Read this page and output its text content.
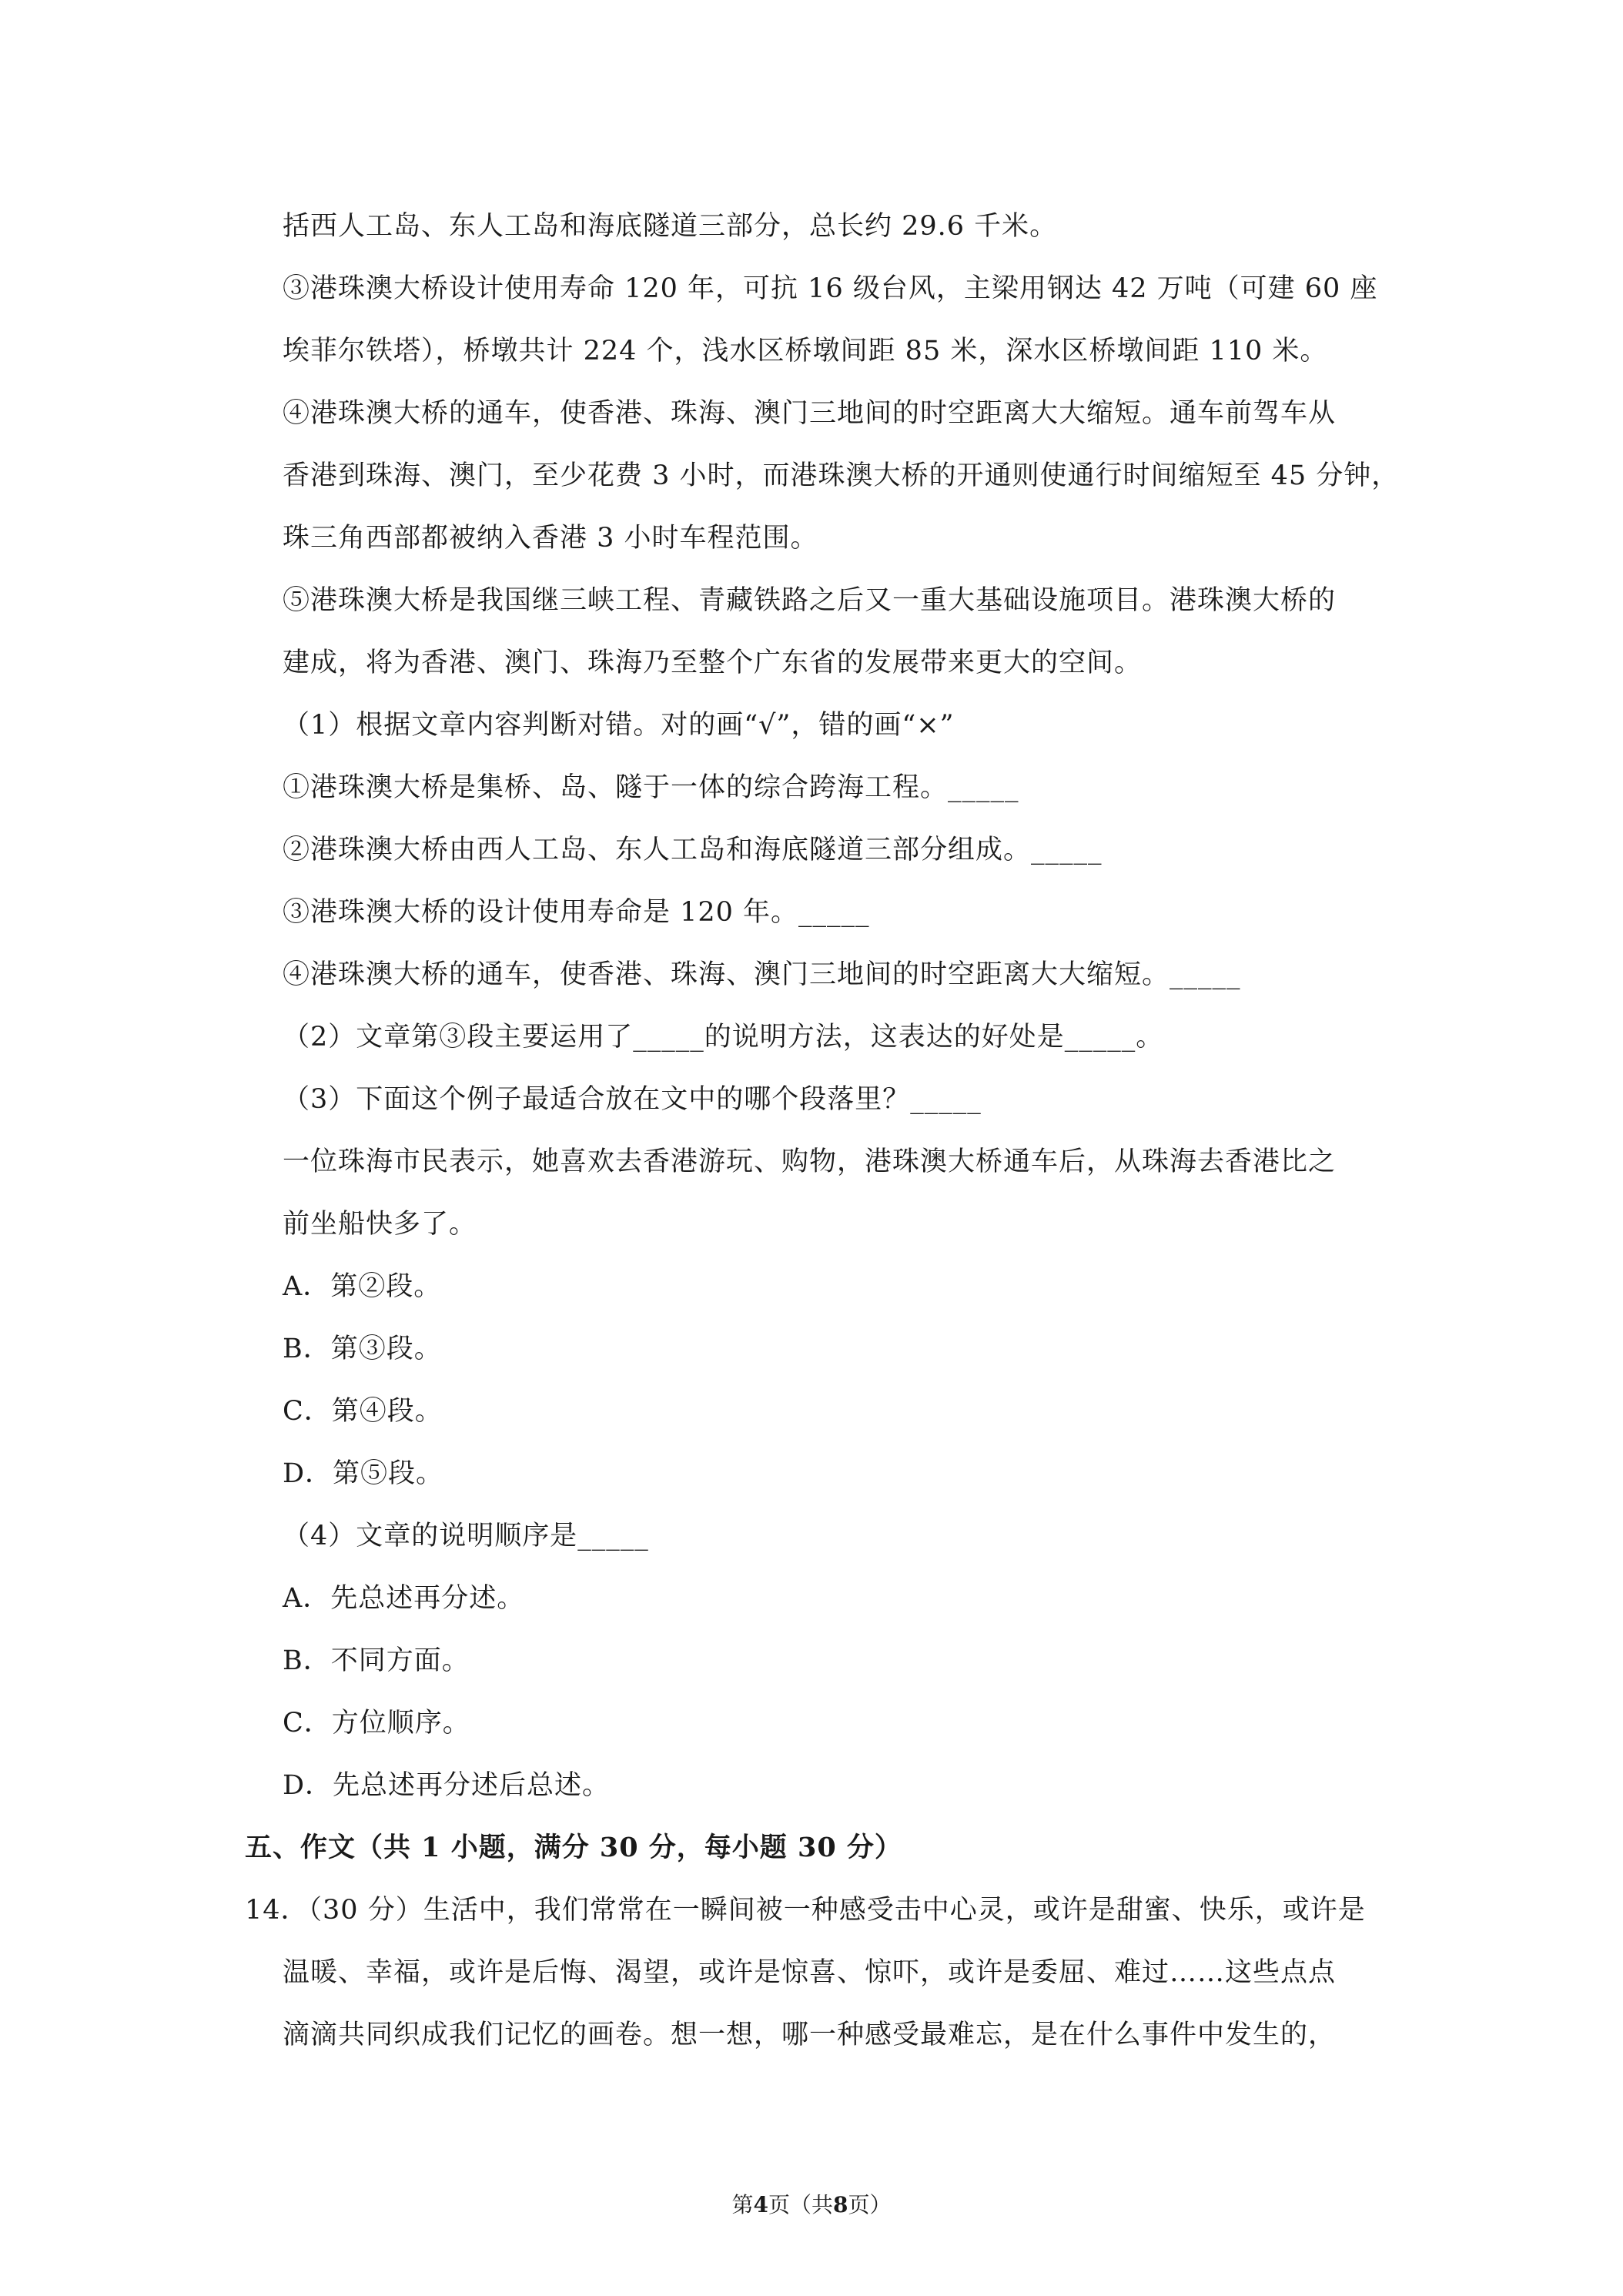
括西人工岛、东人工岛和海底隧道三部分，总长约 29.6 千米。
③港珠澳大桥设计使用寿命 120 年，可抗 16 级台风，主梁用钢达 42 万吨（可建 60 座
埃菲尔铁塔），桥墩共计 224 个，浅水区桥墩间距 85 米，深水区桥墩间距 110 米。
④港珠澳大桥的通车，使香港、珠海、澳门三地间的时空距离大大缩短。通车前驾车从
香港到珠海、澳门，至少花费 3 小时，而港珠澳大桥的开通则使通行时间缩短至 45 分钟，
珠三角西部都被纳入香港 3 小时车程范围。
⑤港珠澳大桥是我国继三峡工程、青藏铁路之后又一重大基础设施项目。港珠澳大桥的
建成，将为香港、澳门、珠海乃至整个广东省的发展带来更大的空间。
（1）根据文章内容判断对错。对的画“√”，错的画“×”
①港珠澳大桥是集桥、岛、隧于一体的综合跨海工程。_____
②港珠澳大桥由西人工岛、东人工岛和海底隧道三部分组成。_____
③港珠澳大桥的设计使用寿命是 120 年。_____
④港珠澳大桥的通车，使香港、珠海、澳门三地间的时空距离大大缩短。_____
（2）文章第③段主要运用了_____的说明方法，这表达的好处是_____。
（3）下面这个例子最适合放在文中的哪个段落里？_____
一位珠海市民表示，她喜欢去香港游玩、购物，港珠澳大桥通车后，从珠海去香港比之
前坐船快多了。
A．第②段。
B．第③段。
C．第④段。
D．第⑤段。
（4）文章的说明顺序是_____
A．先总述再分述。
B．不同方面。
C．方位顺序。
D．先总述再分述后总述。
五、作文（共 1 小题，满分 30 分，每小题 30 分）
14．（30 分）生活中，我们常常在一瞬间被一种感受击中心灵，或许是甜蜜、快乐，或许是
温暖、幸福，或许是后悔、渴望，或许是惊喜、惊吓，或许是委屈、难过……这些点点
滴滴共同织成我们记忆的画卷。想一想，哪一种感受最难忘，是在什么事件中发生的，
第4页（共8页）
